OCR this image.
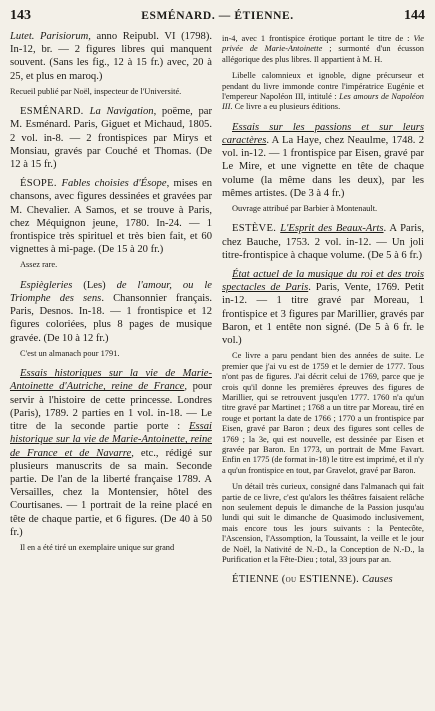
143	ESMÉNARD. — ÉTIENNE.	144

Lutet. Parisiorum, anno Reipubl. VI (1798). In-12, br. — 2 figures libres qui manquent souvent. (Sans les fig., 12 à 15 fr.) avec, 20 à 25, et plus en maroq.)

Recueil publié par Noël, inspecteur de l'Université.

ESMÉNARD. La Navigation, poëme, par M. Esménard. Paris, Giguet et Michaud, 1805. 2 vol. in-8. — 2 frontispices par Mirys et Monsiau, gravés par Couché et Thomas. (De 12 à 15 fr.)

ÉSOPE. Fables choisies d'Ésope, mises en chansons, avec figures dessinées et gravées par M. Chevalier. A Samos, et se trouve à Paris, chez Méquignon jeune, 1780. In-24. — 1 frontispice très spirituel et très bien fait, et 60 vignettes à mi-page. (De 15 à 20 fr.)

Assez rare.

Espiègleries (Les) de l'amour, ou le Triomphe des sens. Chansonnier français. Paris, Desnos. In-18. — 1 frontispice et 12 figures coloriées, plus 8 pages de musique gravée. (De 10 à 12 fr.)

C'est un almanach pour 1791.

Essais historiques sur la vie de Marie-Antoinette d'Autriche, reine de France, pour servir à l'histoire de cette princesse. Londres (Paris), 1789. 2 parties en 1 vol. in-18. — Le titre de la seconde partie porte : Essai historique sur la vie de Marie-Antoinette, reine de France et de Navarre, etc., rédigé sur plusieurs manuscrits de sa main. Seconde partie. De l'an de la liberté française 1789. A Versailles, chez la Montensier, hôtel des Courtisanes. — 1 portrait de la reine placé en tête de chaque partie, et 6 figures. (De 40 à 50 fr.)

Il en a été tiré un exemplaire unique sur grand

in-4, avec 1 frontispice érotique portant le titre de : Vie privée de Marie-Antoinette ; surmonté d'un écusson allégorique des plus libres. Il appartient à M. H.

Libelle calomnieux et ignoble, digne précurseur et pendant du livre immonde contre l'impératrice Eugénie et l'empereur Napoléon III, intitulé : Les amours de Napoléon III. Ce livre a eu plusieurs éditions.

Essais sur les passions et sur leurs caractères. A La Haye, chez Neaulme, 1748. 2 vol. in-12. — 1 frontispice par Eisen, gravé par Le Mire, et une vignette en tête de chaque volume (la même dans les deux), par les mêmes artistes. (De 3 à 4 fr.)

Ouvrage attribué par Barbier à Montenault.

ESTÈVE. L'Esprit des Beaux-Arts. A Paris, chez Bauche, 1753. 2 vol. in-12. — Un joli titre-frontispice à chaque volume. (De 5 à 6 fr.)

État actuel de la musique du roi et des trois spectacles de Paris. Paris, Vente, 1769. Petit in-12. — 1 titre gravé par Moreau, 1 frontispice et 3 figures par Marillier, gravés par Baron, et 1 entête non signé. (De 5 à 6 fr. le vol.)

Ce livre a paru pendant bien des années de suite. Le premier que j'ai vu est de 1759 et le dernier de 1777. Tous n'ont pas de figures. J'ai décrit celui de 1769, parce que je crois qu'il donne les premières épreuves des figures de Marillier, qui se retrouvent jusqu'en 1777. 1760 n'a qu'un titre gravé par Martinet ; 1768 a un titre par Moreau, tiré en rouge et portant la date de 1766 ; 1770 a un frontispice par Eisen, gravé par Baron ; deux des figures sont celles de 1769 ; la 3e, qui est nouvelle, est dessinée par Eisen et gravée par Baron. En 1773, un portrait de Mme Favart. Enfin en 1775 (de format in-18) le titre est imprimé, et il n'y a qu'un frontispice en tout, par Gravelot, gravé par Baron.

Un détail très curieux, consigné dans l'almanach qui fait partie de ce livre, c'est qu'alors les théâtres faisaient relâche non seulement depuis le dimanche de la Passion jusqu'au lundi qui suit le dimanche de Quasimodo inclusivement, mais encore tous les jours suivants : la Pentecôte, l'Ascension, l'Assomption, la Toussaint, la veille et le jour de Noël, la Nativité de N.-D., la Conception de N.-D., la Purification et la Fête-Dieu ; total, 33 jours par an.

ÉTIENNE (ou ESTIENNE). Causes
